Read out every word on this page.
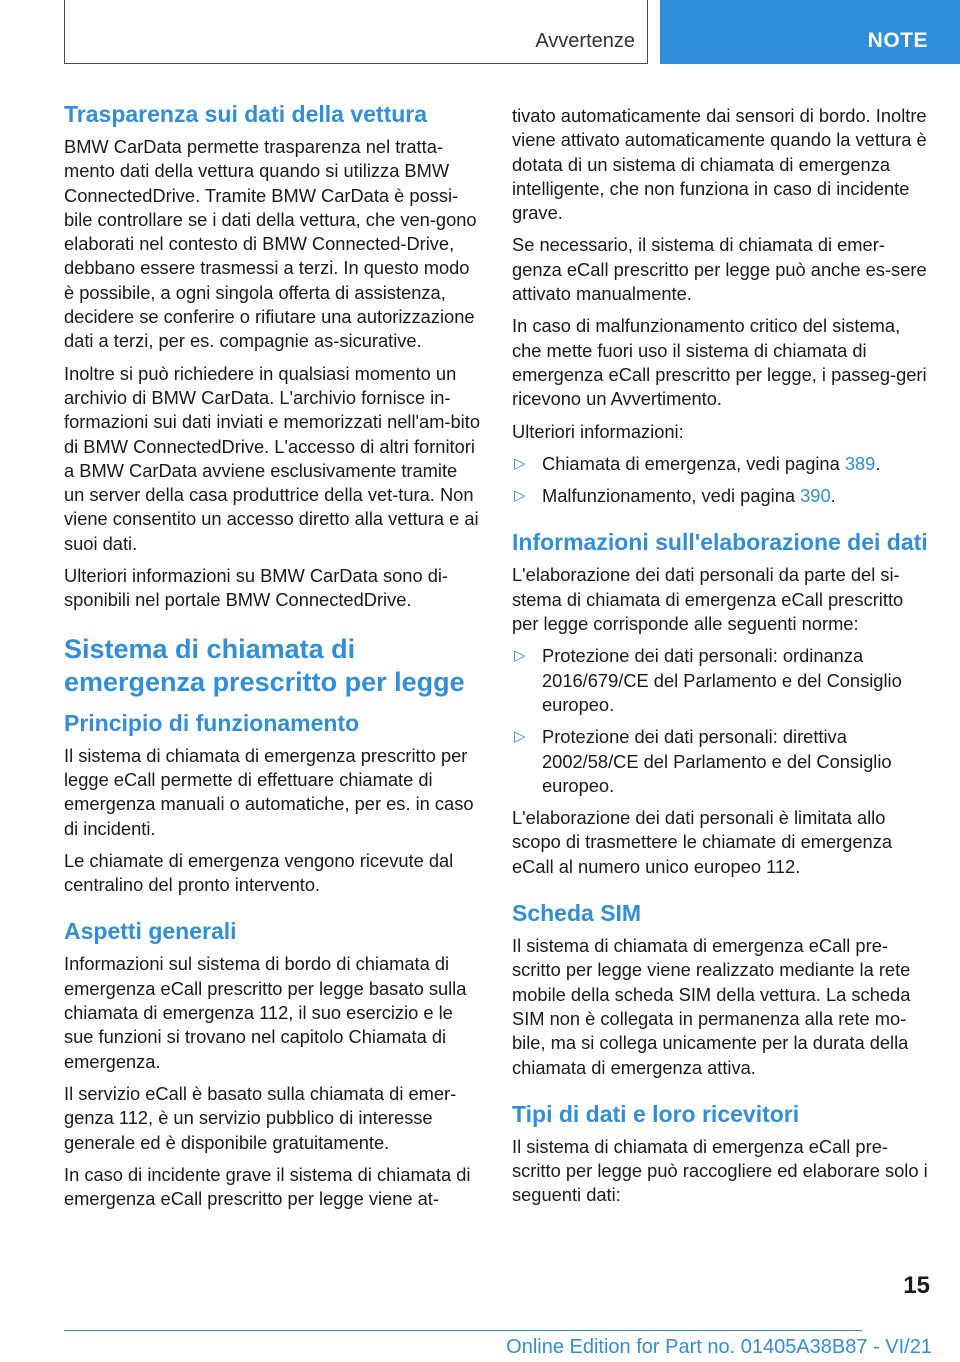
Avvertenze	NOTE
Trasparenza sui dati della vettura

BMW CarData permette trasparenza nel tratta-mento dati della vettura quando si utilizza BMW ConnectedDrive. Tramite BMW CarData è possi-bile controllare se i dati della vettura, che ven-gono elaborati nel contesto di BMW Connected-Drive, debbano essere trasmessi a terzi. In questo modo è possibile, a ogni singola offerta di assistenza, decidere se conferire o rifiutare una autorizzazione dati a terzi, per es. compagnie as-sicurative.

Inoltre si può richiedere in qualsiasi momento un archivio di BMW CarData. L'archivio fornisce in-formazioni sui dati inviati e memorizzati nell'am-bito di BMW ConnectedDrive. L'accesso di altri fornitori a BMW CarData avviene esclusivamente tramite un server della casa produttrice della vet-tura. Non viene consentito un accesso diretto alla vettura e ai suoi dati.

Ulteriori informazioni su BMW CarData sono di-sponibili nel portale BMW ConnectedDrive.

Sistema di chiamata di emergenza prescritto per legge
Principio di funzionamento

Il sistema di chiamata di emergenza prescritto per legge eCall permette di effettuare chiamate di emergenza manuali o automatiche, per es. in caso di incidenti.

Le chiamate di emergenza vengono ricevute dal centralino del pronto intervento.

Aspetti generali

Informazioni sul sistema di bordo di chiamata di emergenza eCall prescritto per legge basato sulla chiamata di emergenza 112, il suo esercizio e le sue funzioni si trovano nel capitolo Chiamata di emergenza.

Il servizio eCall è basato sulla chiamata di emer-genza 112, è un servizio pubblico di interesse generale ed è disponibile gratuitamente.

In caso di incidente grave il sistema di chiamata di emergenza eCall prescritto per legge viene at-

tivato automaticamente dai sensori di bordo. Inoltre viene attivato automaticamente quando la vettura è dotata di un sistema di chiamata di emergenza intelligente, che non funziona in caso di incidente grave.

Se necessario, il sistema di chiamata di emer-genza eCall prescritto per legge può anche es-sere attivato manualmente.

In caso di malfunzionamento critico del sistema, che mette fuori uso il sistema di chiamata di emergenza eCall prescritto per legge, i passeg-geri ricevono un Avvertimento.

Ulteriori informazioni:

▷ Chiamata di emergenza, vedi pagina 389.
▷ Malfunzionamento, vedi pagina 390.
Informazioni sull'elaborazione dei dati

L'elaborazione dei dati personali da parte del si-stema di chiamata di emergenza eCall prescritto per legge corrisponde alle seguenti norme:

▷ Protezione dei dati personali: ordinanza 2016/679/CE del Parlamento e del Consiglio europeo.
▷ Protezione dei dati personali: direttiva 2002/58/CE del Parlamento e del Consiglio europeo.

L'elaborazione dei dati personali è limitata allo scopo di trasmettere le chiamate di emergenza eCall al numero unico europeo 112.

Scheda SIM

Il sistema di chiamata di emergenza eCall pre-scritto per legge viene realizzato mediante la rete mobile della scheda SIM della vettura. La scheda SIM non è collegata in permanenza alla rete mo-bile, ma si collega unicamente per la durata della chiamata di emergenza attiva.

Tipi di dati e loro ricevitori

Il sistema di chiamata di emergenza eCall pre-scritto per legge può raccogliere ed elaborare solo i seguenti dati:

15
Online Edition for Part no. 01405A38B87 - VI/21
